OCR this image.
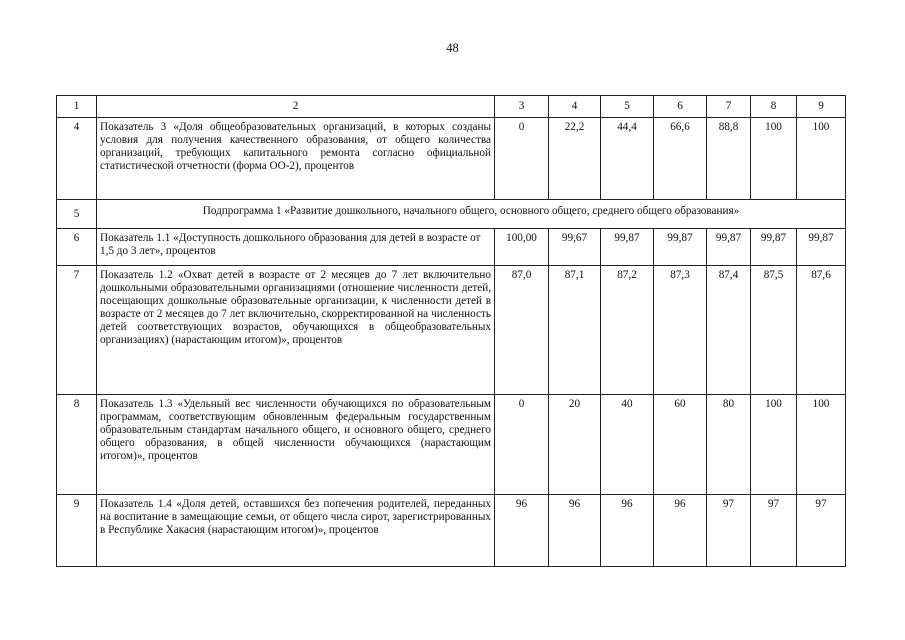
48
1	2	3	4	5	6	7	8	9
4	Показатель 3 «Доля общеобразовательных организаций, в которых созданы условия для получения качественного образования, от общего количества организаций, требующих капитального ремонта согласно официальной статистической отчетности (форма ОО-2), процентов	0	22,2	44,4	66,6	88,8	100	100
5	Подпрограмма 1 «Развитие дошкольного, начального общего, основного общего, среднего общего образования»							
6	Показатель 1.1 «Доступность дошкольного образования для детей в возрасте от 1,5 до 3 лет», процентов	100,00	99,67	99,87	99,87	99,87	99,87	99,87
7	Показатель 1.2 «Охват детей в возрасте от 2 месяцев до 7 лет включительно дошкольными образовательными организациями (отношение численности детей, посещающих дошкольные образовательные организации, к численности детей в возрасте от 2 месяцев до 7 лет включительно, скорректированной на численность детей соответствующих возрастов, обучающихся в общеобразовательных организациях) (нарастающим итогом)», процентов	87,0	87,1	87,2	87,3	87,4	87,5	87,6
8	Показатель 1.3 «Удельный вес численности обучающихся по образовательным программам, соответствующим обновленным федеральным государственным образовательным стандартам начального общего, и основного общего, среднего общего образования, в общей численности обучающихся (нарастающим итогом)», процентов	0	20	40	60	80	100	100
9	Показатель 1.4 «Доля детей, оставшихся без попечения родителей, переданных на воспитание в замещающие семьи, от общего числа сирот, зарегистрированных в Республике Хакасия (нарастающим итогом)», процентов	96	96	96	96	97	97	97
